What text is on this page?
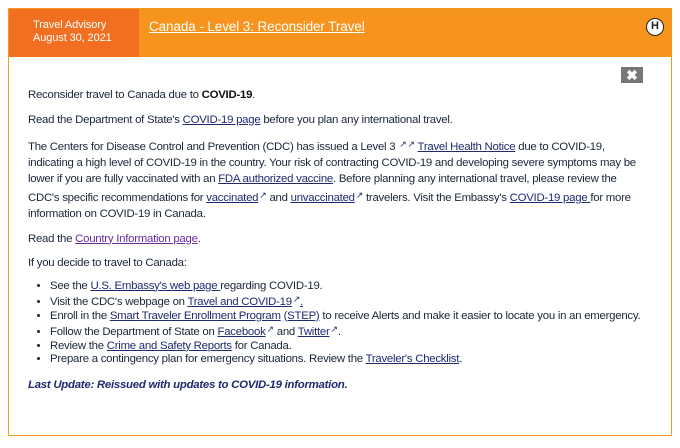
Travel Advisory
August 30, 2021
Canada - Level 3: Reconsider Travel	H
✖

Reconsider travel to Canada due to COVID-19.

Read the Department of State's COVID-19 page before you plan any international travel.

The Centers for Disease Control and Prevention (CDC) has issued a Level 3 ↗↗ Travel Health Notice due to COVID-19, indicating a high level of COVID-19 in the country. Your risk of contracting COVID-19 and developing severe symptoms may be lower if you are fully vaccinated with an FDA authorized vaccine. Before planning any international travel, please review the CDC's specific recommendations for vaccinated↗ and unvaccinated↗ travelers. Visit the Embassy's COVID-19 page for more information on COVID-19 in Canada.

Read the Country Information page.

If you decide to travel to Canada:

• See the U.S. Embassy's web page regarding COVID-19.
• Visit the CDC's webpage on Travel and COVID-19↗.
• Enroll in the Smart Traveler Enrollment Program (STEP) to receive Alerts and make it easier to locate you in an emergency.
• Follow the Department of State on Facebook↗ and Twitter↗.
• Review the Crime and Safety Reports for Canada.
• Prepare a contingency plan for emergency situations. Review the Traveler's Checklist.

Last Update: Reissued with updates to COVID-19 information.
